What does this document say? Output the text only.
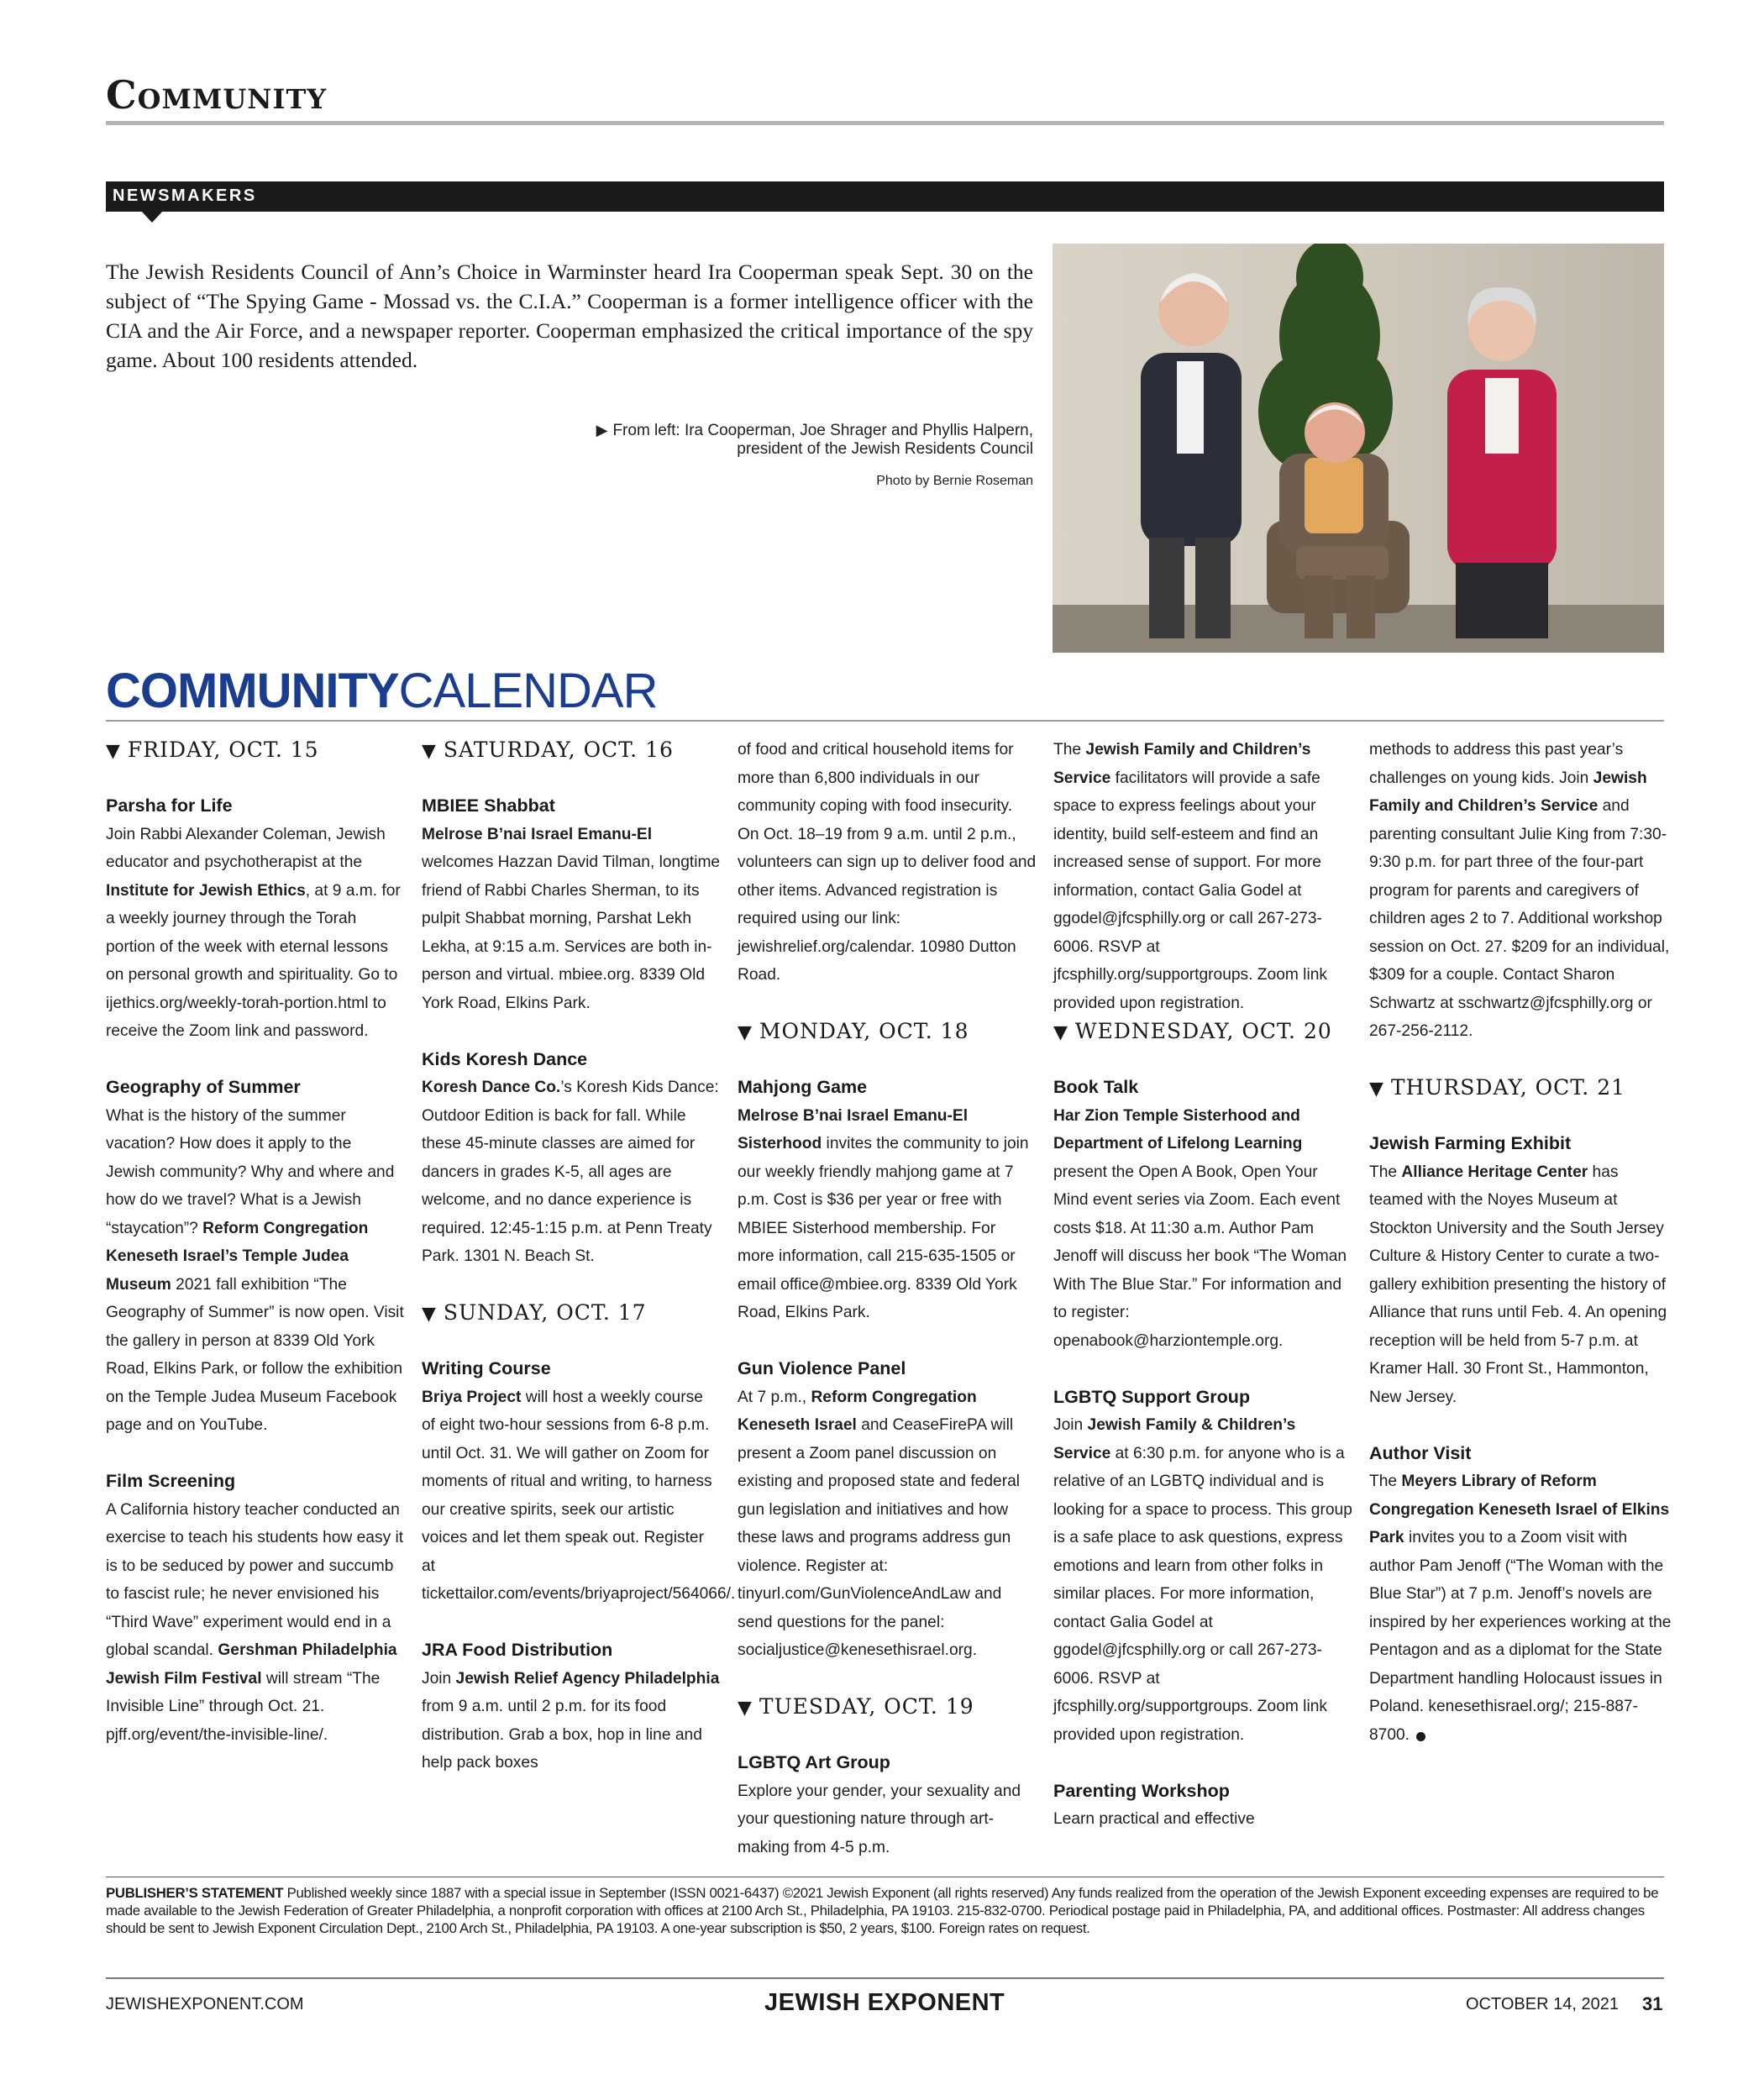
Community
NEWSMAKERS

The Jewish Residents Council of Ann’s Choice in Warminster heard Ira Cooperman speak Sept. 30 on the subject of “The Spying Game - Mossad vs. the C.I.A.” Cooperman is a former intelligence officer with the CIA and the Air Force, and a newspaper reporter. Cooperman emphasized the critical importance of the spy game. About 100 residents attended.

▶ From left: Ira Cooperman, Joe Shrager and Phyllis Halpern,
president of the Jewish Residents Council
Photo by Bernie Roseman
COMMUNITYCALENDAR
▼ FRIDAY, OCT. 15

Parsha for Life

Join Rabbi Alexander Coleman, Jewish educator and psychotherapist at the Institute for Jewish Ethics, at 9 a.m. for a weekly journey through the Torah portion of the week with eternal lessons on personal growth and spirituality. Go to ijethics.org/weekly-torah-portion.html to receive the Zoom link and password.

Geography of Summer

What is the history of the summer vacation? How does it apply to the Jewish community? Why and where and how do we travel? What is a Jewish “staycation”? Reform Congregation Keneseth Israel’s Temple Judea Museum 2021 fall exhibition “The Geography of Summer” is now open. Visit the gallery in person at 8339 Old York Road, Elkins Park, or follow the exhibition on the Temple Judea Museum Facebook page and on YouTube.

Film Screening

A California history teacher conducted an exercise to teach his students how easy it is to be seduced by power and succumb to fascist rule; he never envisioned his “Third Wave” experiment would end in a global scandal. Gershman Philadelphia Jewish Film Festival will stream “The Invisible Line” through Oct. 21. pjff.org/event/the-invisible-line/.

▼ SATURDAY, OCT. 16

MBIEE Shabbat

Melrose B’nai Israel Emanu-El welcomes Hazzan David Tilman, longtime friend of Rabbi Charles Sherman, to its pulpit Shabbat morning, Parshat Lekh Lekha, at 9:15 a.m. Services are both in-person and virtual. mbiee.org. 8339 Old York Road, Elkins Park.

Kids Koresh Dance

Koresh Dance Co.’s Koresh Kids Dance: Outdoor Edition is back for fall. While these 45-minute classes are aimed for dancers in grades K-5, all ages are welcome, and no dance experience is required. 12:45-1:15 p.m. at Penn Treaty Park. 1301 N. Beach St.

▼ SUNDAY, OCT. 17

Writing Course

Briya Project will host a weekly course of eight two-hour sessions from 6-8 p.m. until Oct. 31. We will gather on Zoom for moments of ritual and writing, to harness our creative spirits, seek our artistic voices and let them speak out. Register at tickettailor.com/events/briyaproject/564066/.

JRA Food Distribution

Join Jewish Relief Agency Philadelphia from 9 a.m. until 2 p.m. for its food distribution. Grab a box, hop in line and help pack boxes

of food and critical household items for more than 6,800 individuals in our community coping with food insecurity. On Oct. 18–19 from 9 a.m. until 2 p.m., volunteers can sign up to deliver food and other items. Advanced registration is required using our link: jewishrelief.org/calendar. 10980 Dutton Road.

▼ MONDAY, OCT. 18

Mahjong Game

Melrose B’nai Israel Emanu-El Sisterhood invites the community to join our weekly friendly mahjong game at 7 p.m. Cost is $36 per year or free with MBIEE Sisterhood membership. For more information, call 215-635-1505 or email office@mbiee.org. 8339 Old York Road, Elkins Park.

Gun Violence Panel

At 7 p.m., Reform Congregation Keneseth Israel and CeaseFirePA will present a Zoom panel discussion on existing and proposed state and federal gun legislation and initiatives and how these laws and programs address gun violence. Register at: tinyurl.com/GunViolenceAndLaw and send questions for the panel: socialjustice@kenesethisrael.org.

▼ TUESDAY, OCT. 19

LGBTQ Art Group

Explore your gender, your sexuality and your questioning nature through art-making from 4-5 p.m.

The Jewish Family and Children’s Service facilitators will provide a safe space to express feelings about your identity, build self-esteem and find an increased sense of support. For more information, contact Galia Godel at ggodel@jfcsphilly.org or call 267-273-6006. RSVP at jfcsphilly.org/supportgroups. Zoom link provided upon registration.

▼ WEDNESDAY, OCT. 20

Book Talk

Har Zion Temple Sisterhood and Department of Lifelong Learning present the Open A Book, Open Your Mind event series via Zoom. Each event costs $18. At 11:30 a.m. Author Pam Jenoff will discuss her book “The Woman With The Blue Star.” For information and to register: openabook@harziontemple.org.

LGBTQ Support Group

Join Jewish Family & Children’s Service at 6:30 p.m. for anyone who is a relative of an LGBTQ individual and is looking for a space to process. This group is a safe place to ask questions, express emotions and learn from other folks in similar places. For more information, contact Galia Godel at ggodel@jfcsphilly.org or call 267-273-6006. RSVP at jfcsphilly.org/supportgroups. Zoom link provided upon registration.

Parenting Workshop

Learn practical and effective

methods to address this past year’s challenges on young kids. Join Jewish Family and Children’s Service and parenting consultant Julie King from 7:30-9:30 p.m. for part three of the four-part program for parents and caregivers of children ages 2 to 7. Additional workshop session on Oct. 27. $209 for an individual, $309 for a couple. Contact Sharon Schwartz at sschwartz@jfcsphilly.org or 267-256-2112.

▼ THURSDAY, OCT. 21

Jewish Farming Exhibit

The Alliance Heritage Center has teamed with the Noyes Museum at Stockton University and the South Jersey Culture & History Center to curate a two-gallery exhibition presenting the history of Alliance that runs until Feb. 4. An opening reception will be held from 5-7 p.m. at Kramer Hall. 30 Front St., Hammonton, New Jersey.

Author Visit

The Meyers Library of Reform Congregation Keneseth Israel of Elkins Park invites you to a Zoom visit with author Pam Jenoff (“The Woman with the Blue Star”) at 7 p.m. Jenoff’s novels are inspired by her experiences working at the Pentagon and as a diplomat for the State Department handling Holocaust issues in Poland. kenesethisrael.org/; 215-887-8700.

PUBLISHER’S STATEMENT Published weekly since 1887 with a special issue in September (ISSN 0021-6437) ©2021 Jewish Exponent (all rights reserved) Any funds realized from the operation of the Jewish Exponent exceeding expenses are required to be made available to the Jewish Federation of Greater Philadelphia, a nonprofit corporation with offices at 2100 Arch St., Philadelphia, PA 19103. 215-832-0700. Periodical postage paid in Philadelphia, PA, and additional offices. Postmaster: All address changes should be sent to Jewish Exponent Circulation Dept., 2100 Arch St., Philadelphia, PA 19103. A one-year subscription is $50, 2 years, $100. Foreign rates on request.

JEWISHEXPONENT.COM	JEWISH EXPONENT	OCTOBER 14, 2021 31
